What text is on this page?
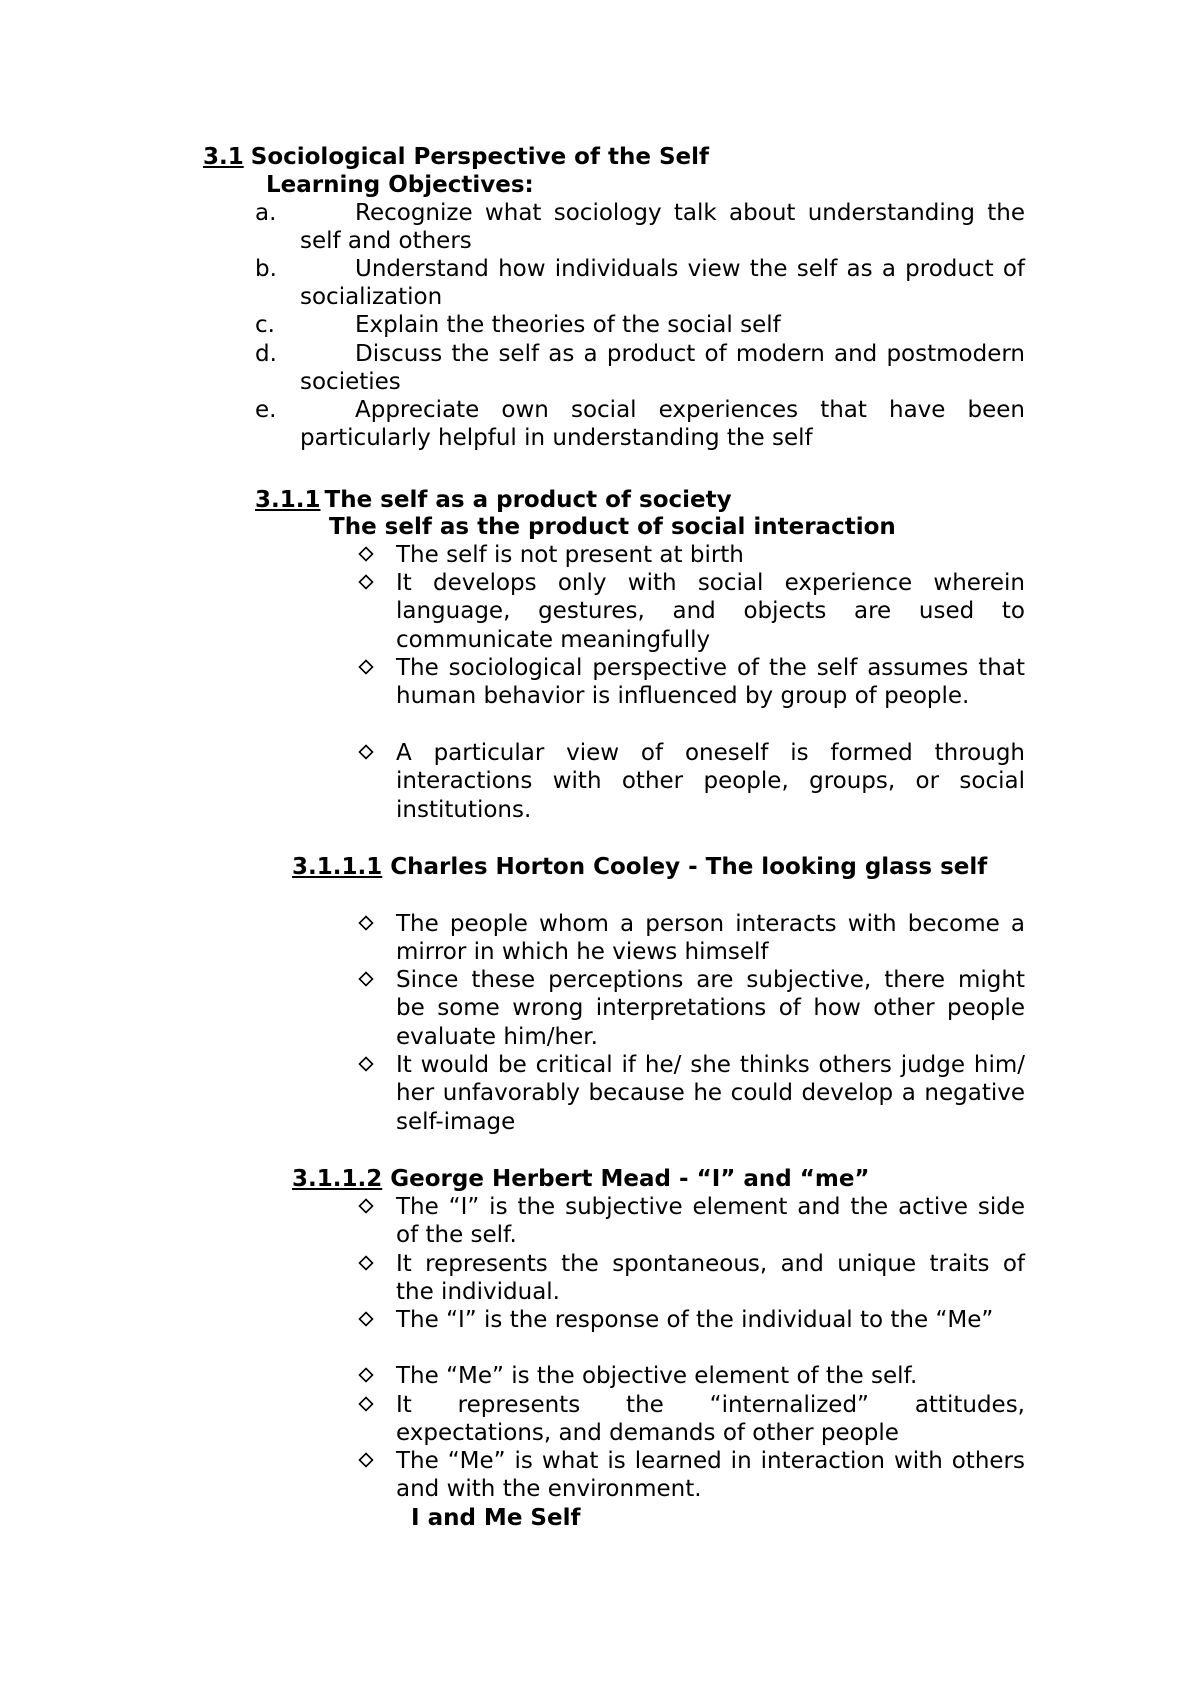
3.1 Sociological Perspective of the Self
Learning Objectives:
a.	Recognize what sociology talk about understanding the self and others
b.	Understand how individuals view the self as a product of socialization
c.	Explain the theories of the social self
d.	Discuss the self as a product of modern and postmodern societies
e.	Appreciate own social experiences that have been particularly helpful in understanding the self
3.1.1 The self as a product of society
The self as the product of social interaction
The self is not present at birth
It develops only with social experience wherein language, gestures, and objects are used to communicate meaningfully
The sociological perspective of the self assumes that human behavior is influenced by group of people.
A particular view of oneself is formed through interactions with other people, groups, or social institutions.
3.1.1.1 Charles Horton Cooley - The looking glass self
The people whom a person interacts with become a mirror in which he views himself
Since these perceptions are subjective, there might be some wrong interpretations of how other people evaluate him/her.
It would be critical if he/ she thinks others judge him/ her unfavorably because he could develop a negative self-image
3.1.1.2 George Herbert Mead - “I” and “me”
The “I” is the subjective element and the active side of the self.
It represents the spontaneous, and unique traits of the individual.
The “I” is the response of the individual to the “Me”
The “Me” is the objective element of the self.
It represents the “internalized” attitudes, expectations, and demands of other people
The “Me” is what is learned in interaction with others and with the environment.
I and Me Self
